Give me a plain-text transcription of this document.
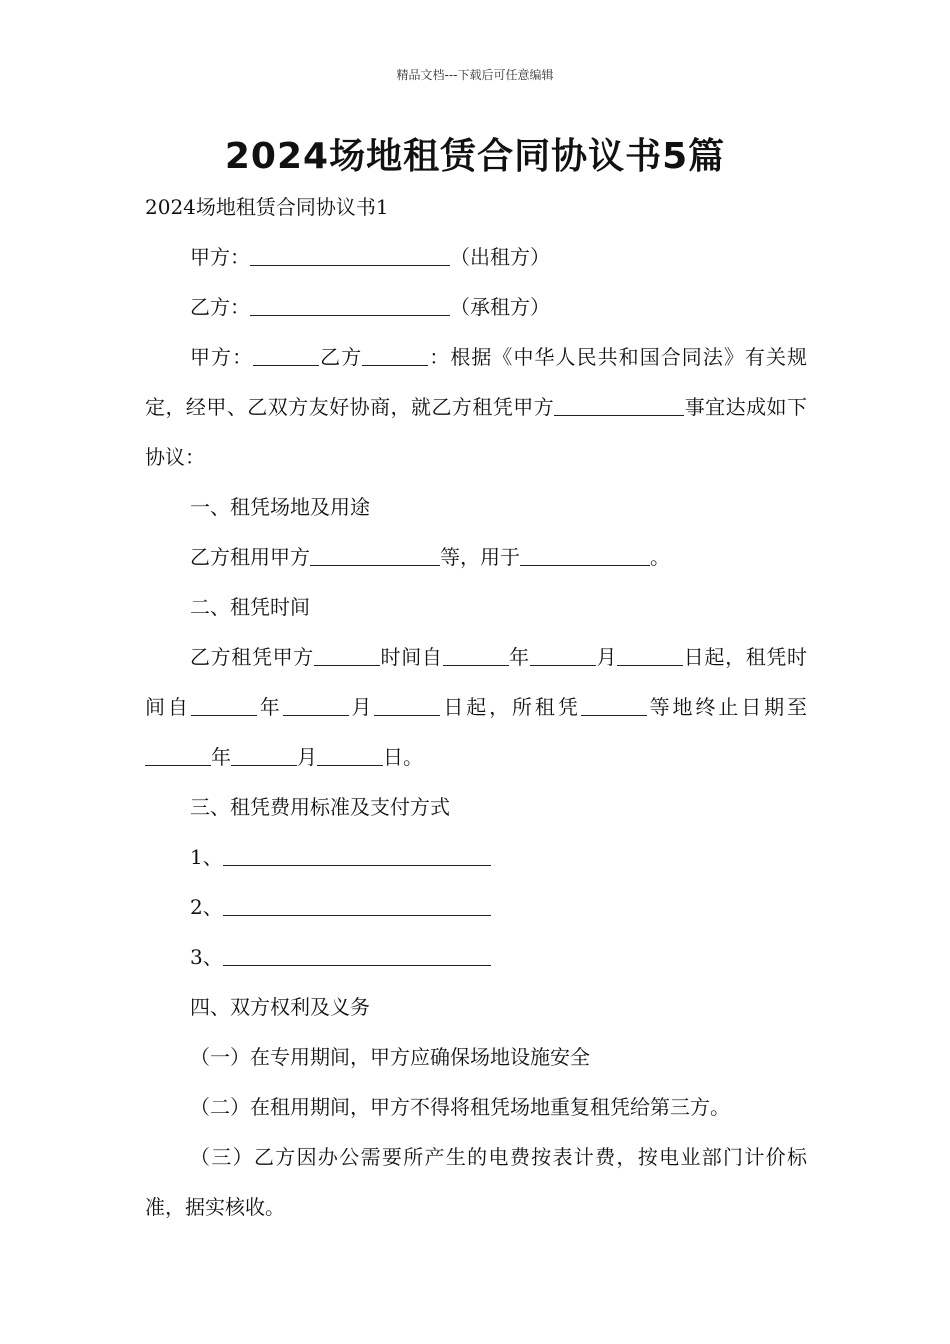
精品文档---下载后可任意编辑
2024场地租赁合同协议书5篇

2024场地租赁合同协议书1

甲方：	（出租方）

乙方：	（承租方）

甲方：	乙方	：根据《中华人民共和国合同法》有关规定，经甲、乙双方友好协商，就乙方租凭甲方	事宜达成如下协议：

一、租凭场地及用途

乙方租用甲方	等，用于	。

二、租凭时间

乙方租凭甲方	时间自	年	月	日起，租凭时间自	年	月	日起，所租凭	等地终止日期至年	月	日。

三、租凭费用标准及支付方式

1、

2、

3、

四、双方权利及义务

（一）在专用期间，甲方应确保场地设施安全

（二）在租用期间，甲方不得将租凭场地重复租凭给第三方。

（三）乙方因办公需要所产生的电费按表计费，按电业部门计价标准，据实核收。
